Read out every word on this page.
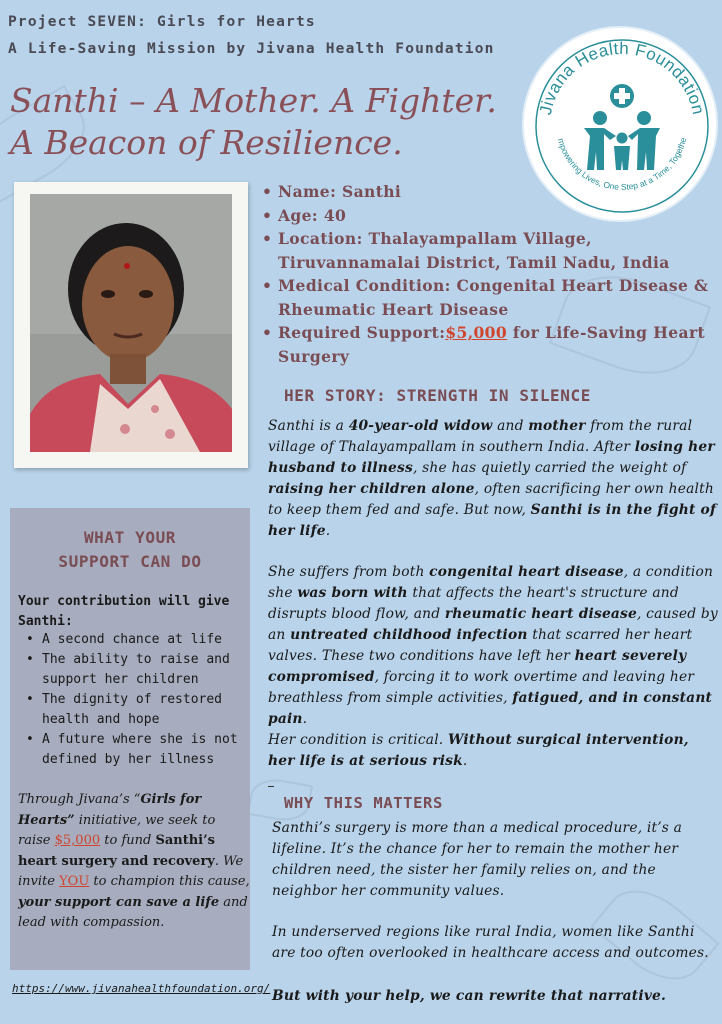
Project SEVEN: Girls for Hearts
A Life-Saving Mission by Jivana Health Foundation
Santhi – A Mother. A Fighter.
A Beacon of Resilience.
Jivana Health Foundation
mpowering Lives, One Step at a Time, Togethe
• Name: Santhi
• Age: 40
• Location: Thalayampallam Village,
Tiruvannamalai District, Tamil Nadu, India
• Medical Condition: Congenital Heart Disease &
Rheumatic Heart Disease
• Required Support:$5,000 for Life-Saving Heart
Surgery
HER STORY: STRENGTH IN SILENCE
Santhi is a 40-year-old widow and mother from the rural village of Thalayampallam in southern India. After losing her husband to illness, she has quietly carried the weight of raising her children alone, often sacrificing her own health to keep them fed and safe. But now, Santhi is in the fight of her life.
She suffers from both congenital heart disease, a condition she was born with that affects the heart's structure and disrupts blood flow, and rheumatic heart disease, caused by an untreated childhood infection that scarred her heart valves. These two conditions have left her heart severely compromised, forcing it to work overtime and leaving her breathless from simple activities, fatigued, and in constant pain.
Her condition is critical. Without surgical intervention, her life is at serious risk.
WHY THIS MATTERS
Santhi’s surgery is more than a medical procedure, it’s a lifeline. It’s the chance for her to remain the mother her children need, the sister her family relies on, and the neighbor her community values.
In underserved regions like rural India, women like Santhi are too often overlooked in healthcare access and outcomes.
But with your help, we can rewrite that narrative.
WHAT YOUR
SUPPORT CAN DO
Your contribution will give Santhi:
• A second chance at life
• The ability to raise and support her children
• The dignity of restored health and hope
• A future where she is not defined by her illness
Through Jivana’s “Girls for Hearts” initiative, we seek to raise $5,000 to fund Santhi’s heart surgery and recovery. We invite YOU to champion this cause, your support can save a life and lead with compassion.
https://www.jivanahealthfoundation.org/
